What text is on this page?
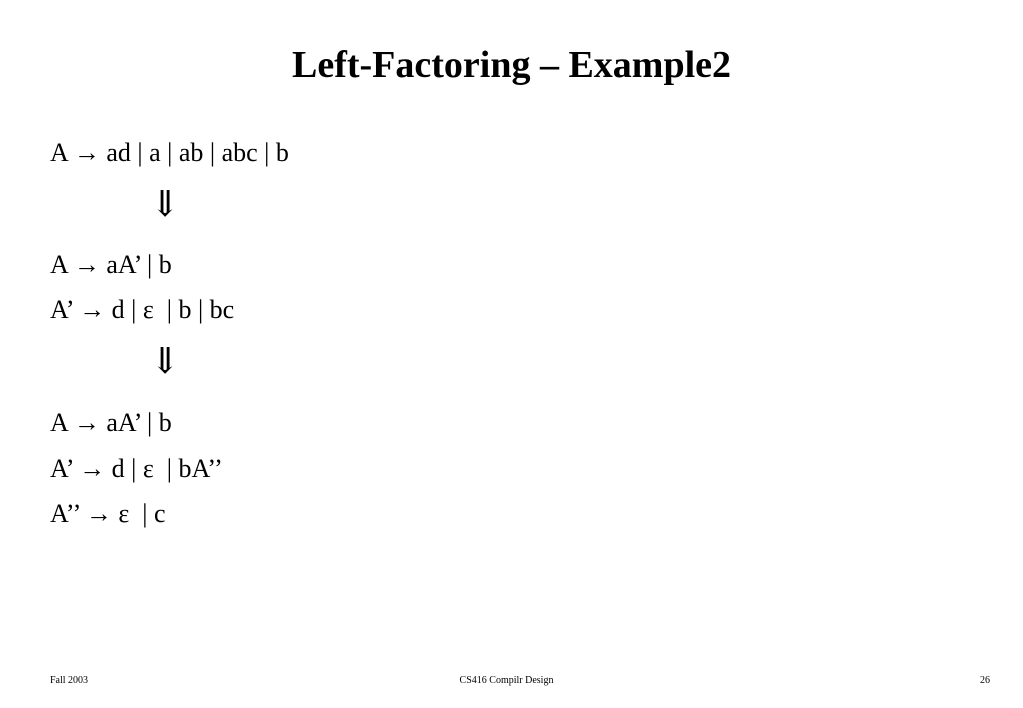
Left-Factoring – Example2
A → ad | a | ab | abc | b
⇓
A → aA’ | b
A’ → d | ε  | b | bc
⇓
A → aA’ | b
A’ → d | ε  | bA’’
A’’ → ε  | c
Fall 2003	CS416 Compilr Design	26
